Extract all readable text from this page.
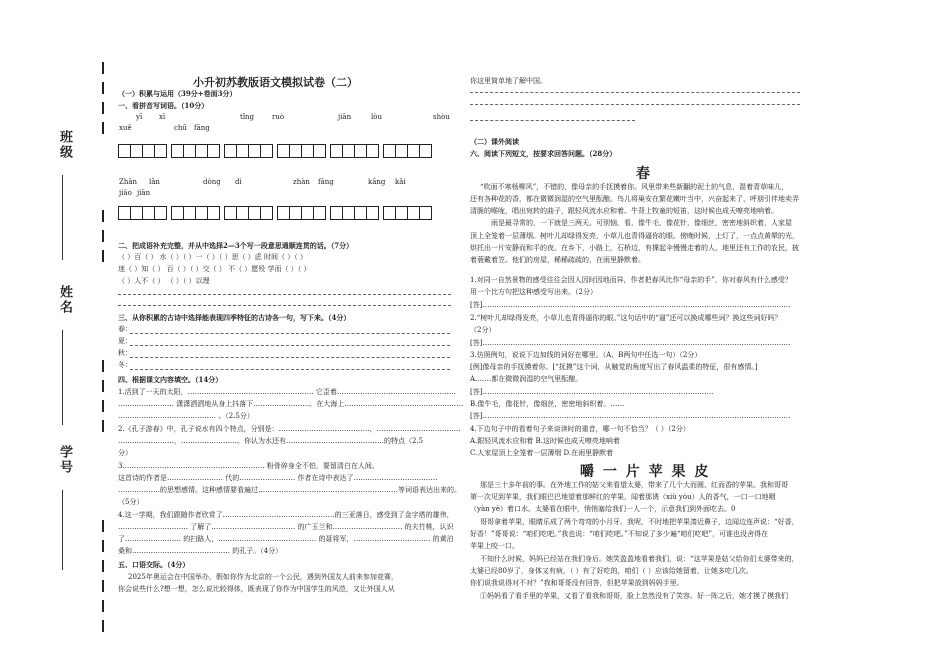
班级
姓名
学号
小升初苏教版语文模拟试卷（二）
（一）积累与运用（39分+卷面3分）
一、看拼音写词语。（10分）
yī xī	tǐng	ruò	jiān	lòu	shòu
xuě	chū fāng
Zhān lǎn	dòng dì	zhàn fāng	kāng kǎi
jiāo jiān
二、把成语补充完整，并从中选择2—3个写一段意思通顺连贯的话。（7分）
（ ）百（ ） 水（ ）（ ）一（ ）（ ）思（ ）虑 时间（ ）（ ）
迷（ ）知（ ） 百（ ）（ ）交（ ） 不（ ）愿殁 学而（ ）（ ）
（ ）人不（ ） （ ）（ ）以理
三、从你积累的古诗中选择能表现四季特征的古诗各一句，写下来。（4分）
春：
夏：
秋：
冬：
四、根据课文内容填空。（14分）
1.活到了一天的太阳，……………………………………………… 它歪着……………………………………………
…………………… 潇潇洒洒地从身上抖落下……………………。在大海上……………………………………………
…………………………………… 。（2.5分）
2.《孔子游春》中，孔子说水有四个特点，分别是：…………………………………，………………………………
……………………，……………………。你认为水还有……………………………………的特点（2.5
分）
3.…………………………………………………… 粉骨碎身全不怕，要留清白在人间。
这首诗的作者是…………………… 代的…………………… 作者在诗中表达了………………………………
………………的思想感情。这种感情要看遍过……………………………………………………等词语表达出来的。
（5分）
4.这一学期，我们跟随作者欣赏了…………………………………………的三亚落日，感受到了金字塔的雄伟，
………………………… 了解了……………………………… 的广玉兰和………………………… 的夫竹桃，认识
了…………………… 的扫路人，…………………………………… 的聂将军，…………………………… 的黄泊
桑和…………………………………… 的孔子。（4分）
五、口语交际。（4分）
2025年奥运会在中国举办，假如你作为北京的一个公民，遇到外国友人前来参加竞赛，
你会说些什么?想一想，怎么说比较得体，既表现了你作为中国学生的风范，又让外国人从
你这里简单地了解中国。
（二）课外阅读
六、阅读下列短文，按要求回答问题。（28分）
春
“吹面不寒杨柳风”，不错的，像母亲的手抚摸着你。风里带来些新翻的泥土的气息，混着青草味儿，
还有各种花的香，都在微微润湿的空气里酝酿。鸟儿将巢安在繁花嫩叶当中，兴奋起来了，呼朋引伴地卖弄
清脆的喉咙，唱出宛转的曲子，跟轻风流水应和着。牛背上牧童的短笛，这时候也成天嘹亮地响着。
雨是最寻常的，一下就是三两天。可别恼，看，像牛毛，像花针，像细丝，密密地斜织着，人家屋
顶上全笼着一层薄烟。树叶儿却绿得发亮，小草儿也青得逼你的眼。傍晚时候，上灯了，一点点黄晕的光，
烘托出一片安静而和平的夜。在乡下，小路上，石桥边，有撑起伞慢慢走着的人，地里还有工作的农民，披
着蓑戴着笠。他们的房屋，稀稀疏疏的，在雨里静默着。
1.对同一自然景物的感受往往会因人因时因地而异，作者把春风比作“母亲的手”，你对春风有什么感受？
用一个比方句把这种感受写出来。（2分）
[答]……………………………………………………………………………………………………………………
2.“树叶儿却绿得发亮，小草儿也青得逼你的眼。”这句话中的“逼”还可以换成哪些词？换这些词好吗？
（2分）
[答]……………………………………………………………………………………………………………………
3.仿照例句，说说下边加线的词好在哪里。（A、B两句中任选一句）（2分）
[例]像母亲的手抚摸着你。[“抚摸”这个词，从触觉的角度写出了春风温柔的特征，很有感情。]
A.……都在微微润湿的空气里酝酿。
[答]………………………………………………………………………………………
B.像牛毛，像花针，像细丝，密密地斜织着。……
[答]……………………………………………………………………………………………………………………
4.下边句子中的看着句子来谈读时的重音，哪一句不恰当？（ ）（2分）
A.跟轻风流水应和着 B.这时候也成天嘹亮地响着
C.人家屋顶上全笼着一层薄烟 D.在雨里静默着
嚼 一 片 苹 果 皮
那是三十多年前的事。在外地工作的姑父来看望太婆，带来了几个大而圆、红而香的苹果。我和哥哥
第一次见到苹果，我们眼巴巴地望着那鲜红的苹果，闻着那诱（xiù yòu）人的香气，一口一口地咽
（yàn yè）着口水。太婆看在眼中，悄悄塞给我们一人一个，示意我们到外面吃去。0
哥哥拿着苹果，眼睛乐成了两个弯弯的小月牙。我呢，不时地把苹果凑近鼻子，边闻边连声说：“好香，
好香！”哥哥说：“咱们吃吧。”我也说：“咱们吃吧。”不知说了多少遍“咱们吃吧”，可谁也没舍得在
苹果上咬一口。
不知什么时候，妈妈已经站在我们身后。她笑盈盈地看着我们，说：“这苹果是姑父给你们太婆带来的，
太婆已经80岁了，身体又有病，（ ）有了好吃的，咱们（ ）应该给她留着，让她多吃几次。
你们说我说得对不对？”我和哥哥没有回答，但把苹果放到妈妈手里。
①妈妈看了看手里的苹果，又看了看我和哥哥，脸上忽然没有了笑容。好一阵之后，她才摸了摸我们
